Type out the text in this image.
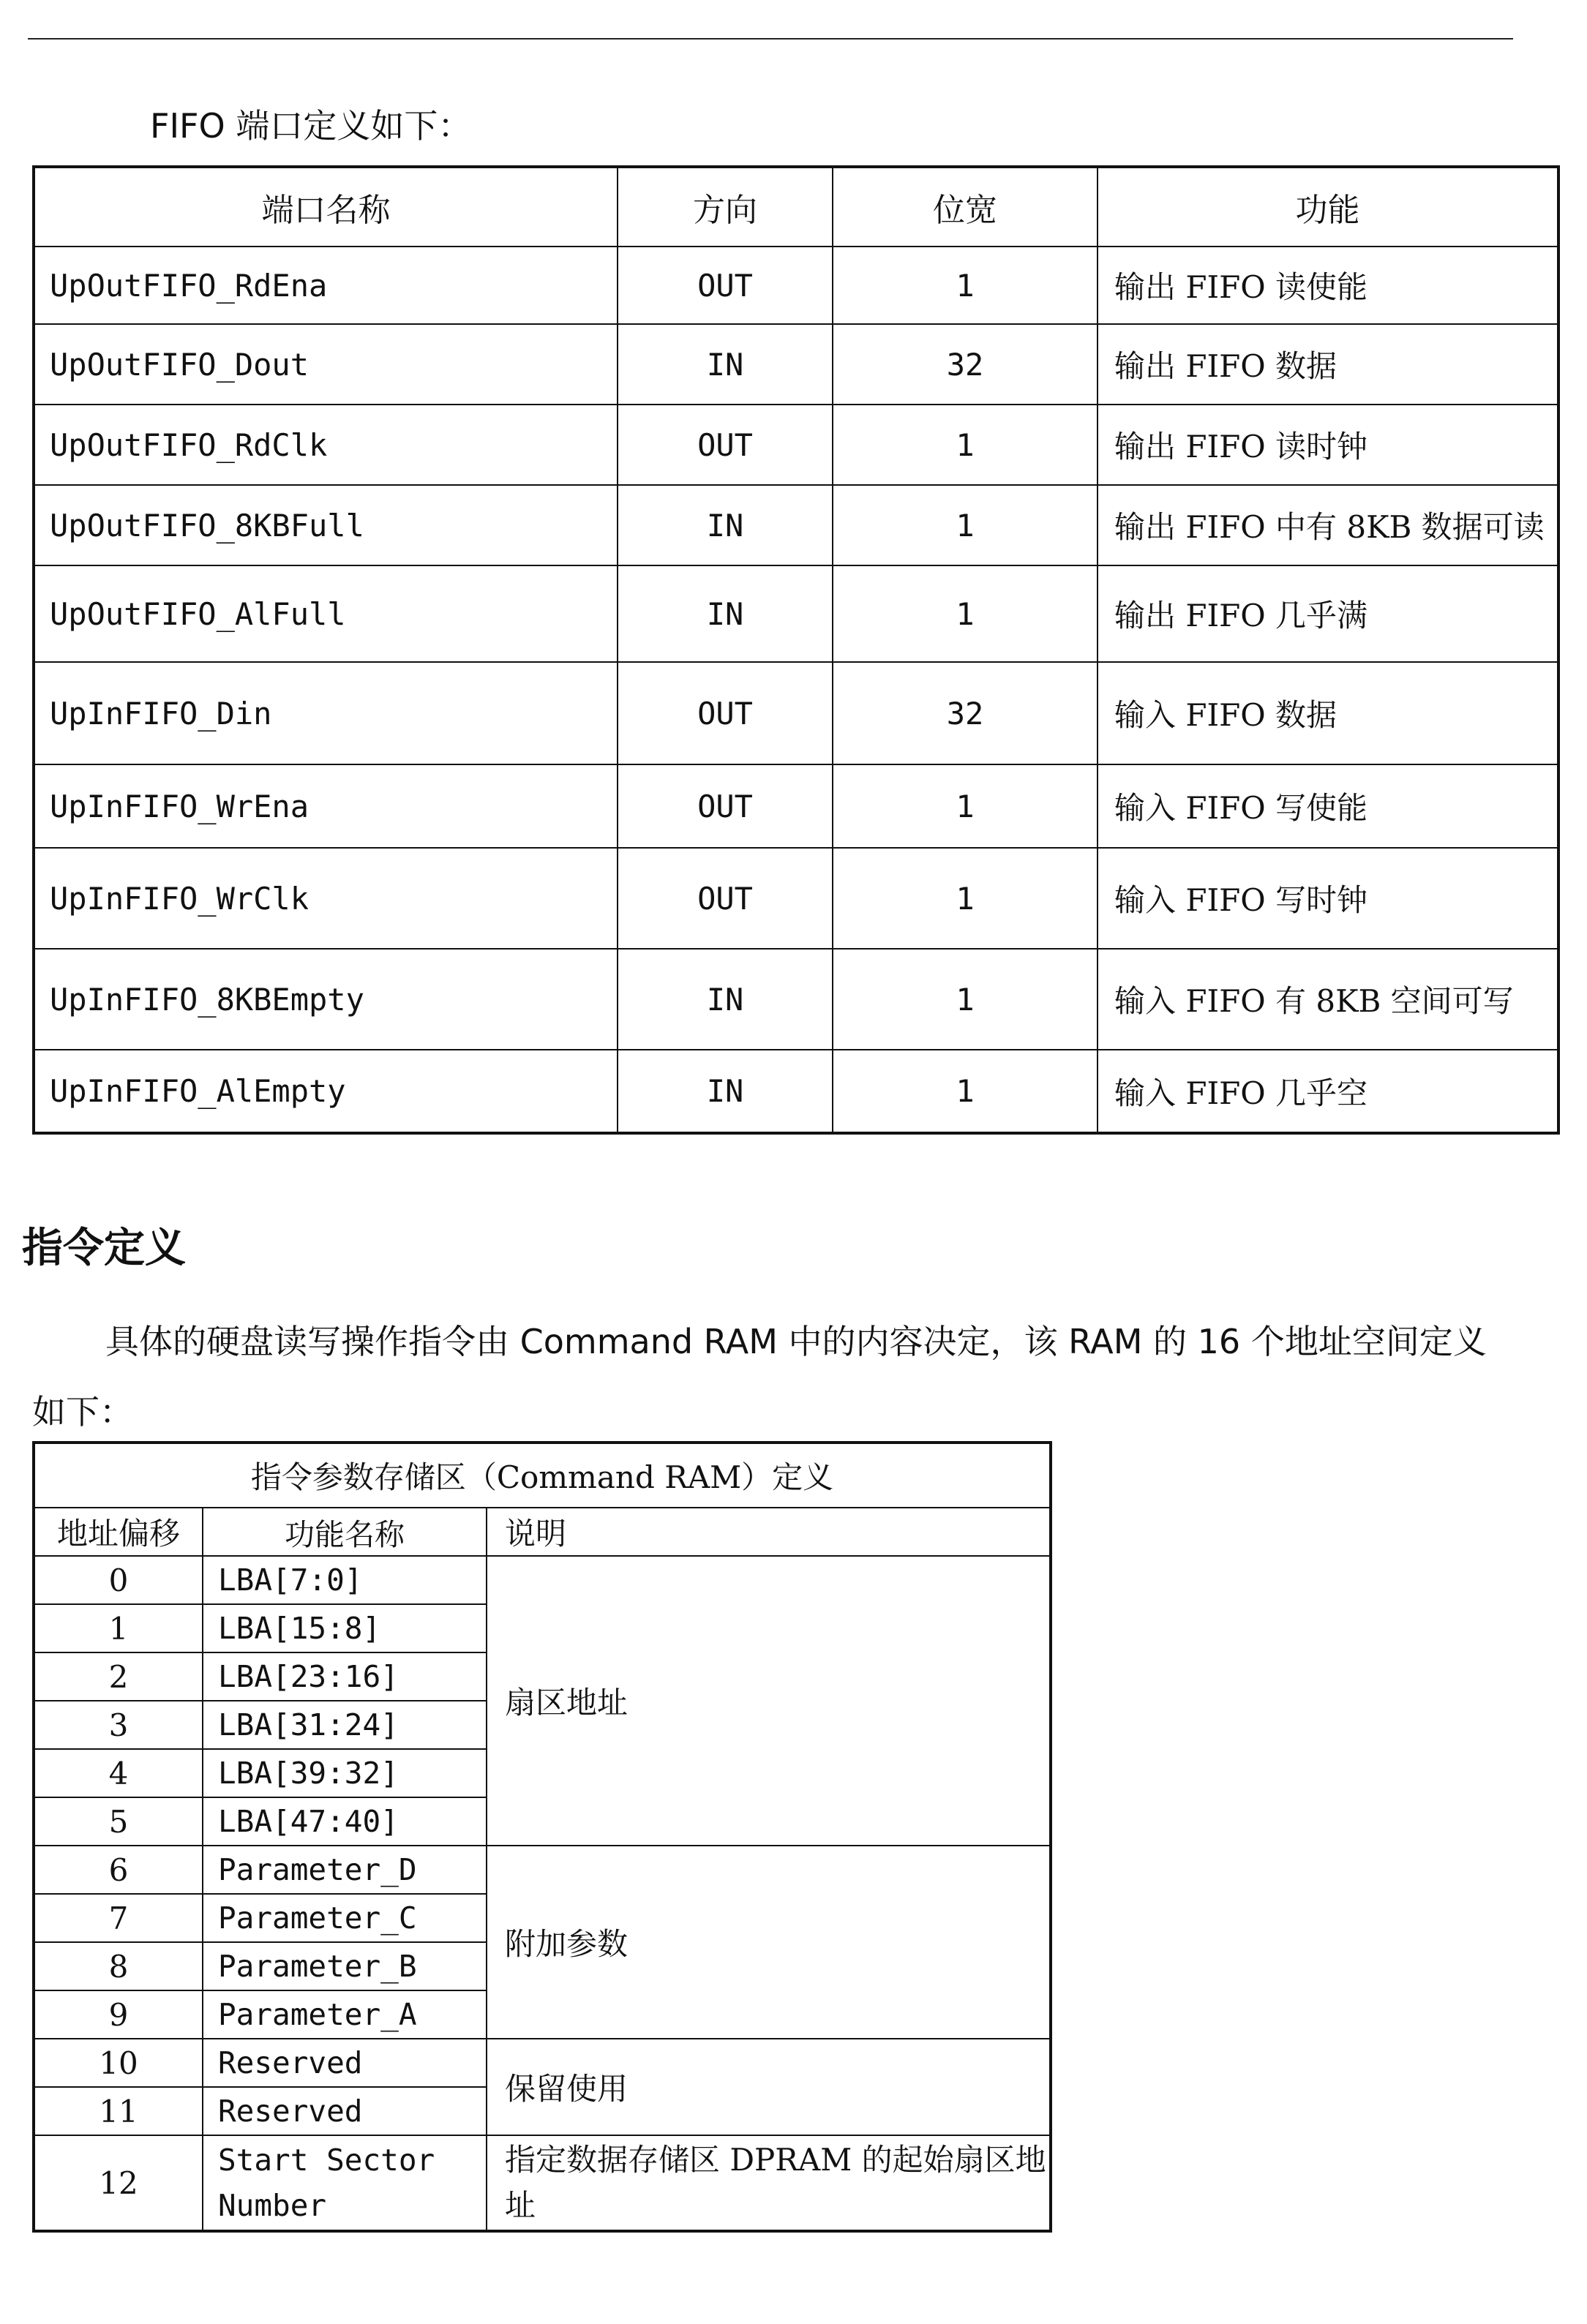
FIFO 端口定义如下：
端口名称	方向	位宽	功能
UpOutFIFO_RdEna	OUT	1	输出 FIFO 读使能
UpOutFIFO_Dout	IN	32	输出 FIFO 数据
UpOutFIFO_RdClk	OUT	1	输出 FIFO 读时钟
UpOutFIFO_8KBFull	IN	1	输出 FIFO 中有 8KB 数据可读
UpOutFIFO_AlFull	IN	1	输出 FIFO 几乎满
UpInFIFO_Din	OUT	32	输入 FIFO 数据
UpInFIFO_WrEna	OUT	1	输入 FIFO 写使能
UpInFIFO_WrClk	OUT	1	输入 FIFO 写时钟
UpInFIFO_8KBEmpty	IN	1	输入 FIFO 有 8KB 空间可写
UpInFIFO_AlEmpty	IN	1	输入 FIFO 几乎空
指令定义
具体的硬盘读写操作指令由 Command RAM 中的内容决定，该 RAM 的 16 个地址空间定义如下：
指令参数存储区（Command RAM）定义		
地址偏移	功能名称	说明
0	LBA[7:0]	扇区地址
1	LBA[15:8]	
2	LBA[23:16]	
3	LBA[31:24]	
4	LBA[39:32]	
5	LBA[47:40]	
6	Parameter_D	附加参数
7	Parameter_C	
8	Parameter_B	
9	Parameter_A	
10	Reserved	保留使用
11	Reserved	
12	Start Sector Number	指定数据存储区 DPRAM 的起始扇区地址
